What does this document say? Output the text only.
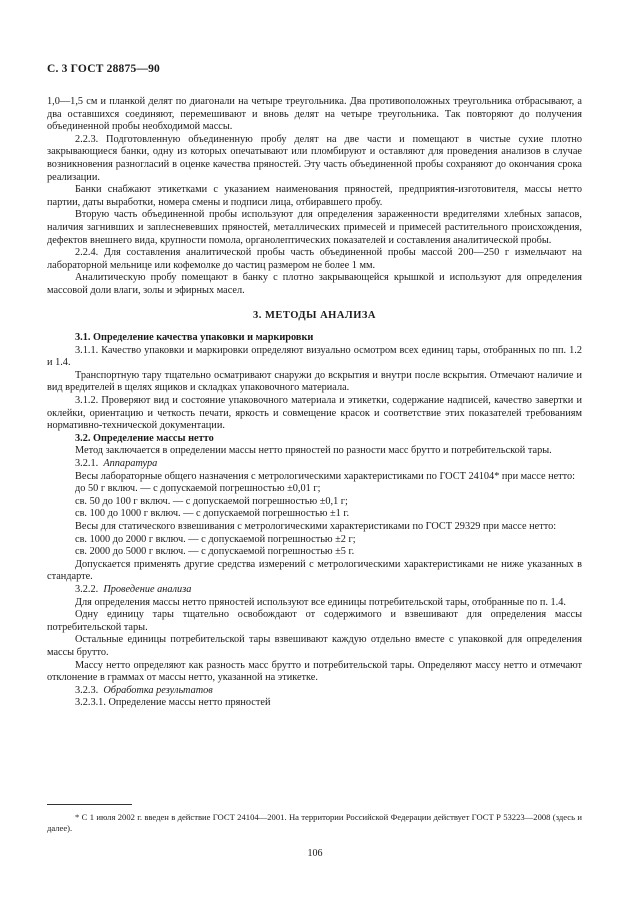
С. 3 ГОСТ 28875—90

1,0—1,5 см и планкой делят по диагонали на четыре треугольника. Два противоположных треугольника отбрасывают, а два оставшихся соединяют, перемешивают и вновь делят на четыре треугольника. Так повторяют до получения объединенной пробы необходимой массы.

2.2.3. Подготовленную объединенную пробу делят на две части и помещают в чистые сухие плотно закрывающиеся банки, одну из которых опечатывают или пломбируют и оставляют для проведения анализов в случае возникновения разногласий в оценке качества пряностей. Эту часть объединенной пробы сохраняют до окончания срока реализации.

Банки снабжают этикетками с указанием наименования пряностей, предприятия-изготовителя, массы нетто партии, даты выработки, номера смены и подписи лица, отбиравшего пробу.

Вторую часть объединенной пробы используют для определения зараженности вредителями хлебных запасов, наличия загнивших и заплесневевших пряностей, металлических примесей и примесей растительного происхождения, дефектов внешнего вида, крупности помола, органолептических показателей и составления аналитической пробы.

2.2.4. Для составления аналитической пробы часть объединенной пробы массой 200—250 г измельчают на лабораторной мельнице или кофемолке до частиц размером не более 1 мм.

Аналитическую пробу помещают в банку с плотно закрывающейся крышкой и используют для определения массовой доли влаги, золы и эфирных масел.

3. МЕТОДЫ АНАЛИЗА

3.1. Определение качества упаковки и маркировки

3.1.1. Качество упаковки и маркировки определяют визуально осмотром всех единиц тары, отобранных по пп. 1.2 и 1.4.

Транспортную тару тщательно осматривают снаружи до вскрытия и внутри после вскрытия. Отмечают наличие и вид вредителей в щелях ящиков и складках упаковочного материала.

3.1.2. Проверяют вид и состояние упаковочного материала и этикетки, содержание надписей, качество завертки и оклейки, ориентацию и четкость печати, яркость и совмещение красок и соответствие этих показателей требованиям нормативно-технической документации.

3.2. Определение массы нетто

Метод заключается в определении массы нетто пряностей по разности масс брутто и потребительской тары.

3.2.1. Аппаратура

Весы лабораторные общего назначения с метрологическими характеристиками по ГОСТ 24104* при массе нетто:

до 50 г включ. — с допускаемой погрешностью ±0,01 г;

св. 50 до 100 г включ. — с допускаемой погрешностью ±0,1 г;

св. 100 до 1000 г включ. — с допускаемой погрешностью ±1 г.

Весы для статического взвешивания с метрологическими характеристиками по ГОСТ 29329 при массе нетто:

св. 1000 до 2000 г включ. — с допускаемой погрешностью ±2 г;

св. 2000 до 5000 г включ. — с допускаемой погрешностью ±5 г.

Допускается применять другие средства измерений с метрологическими характеристиками не ниже указанных в стандарте.

3.2.2. Проведение анализа

Для определения массы нетто пряностей используют все единицы потребительской тары, отобранные по п. 1.4.

Одну единицу тары тщательно освобождают от содержимого и взвешивают для определения массы потребительской тары.

Остальные единицы потребительской тары взвешивают каждую отдельно вместе с упаковкой для определения массы брутто.

Массу нетто определяют как разность масс брутто и потребительской тары. Определяют массу нетто и отмечают отклонение в граммах от массы нетто, указанной на этикетке.

3.2.3. Обработка результатов

3.2.3.1. Определение массы нетто пряностей

* С 1 июля 2002 г. введен в действие ГОСТ 24104—2001. На территории Российской Федерации действует ГОСТ Р 53223—2008 (здесь и далее).
106
